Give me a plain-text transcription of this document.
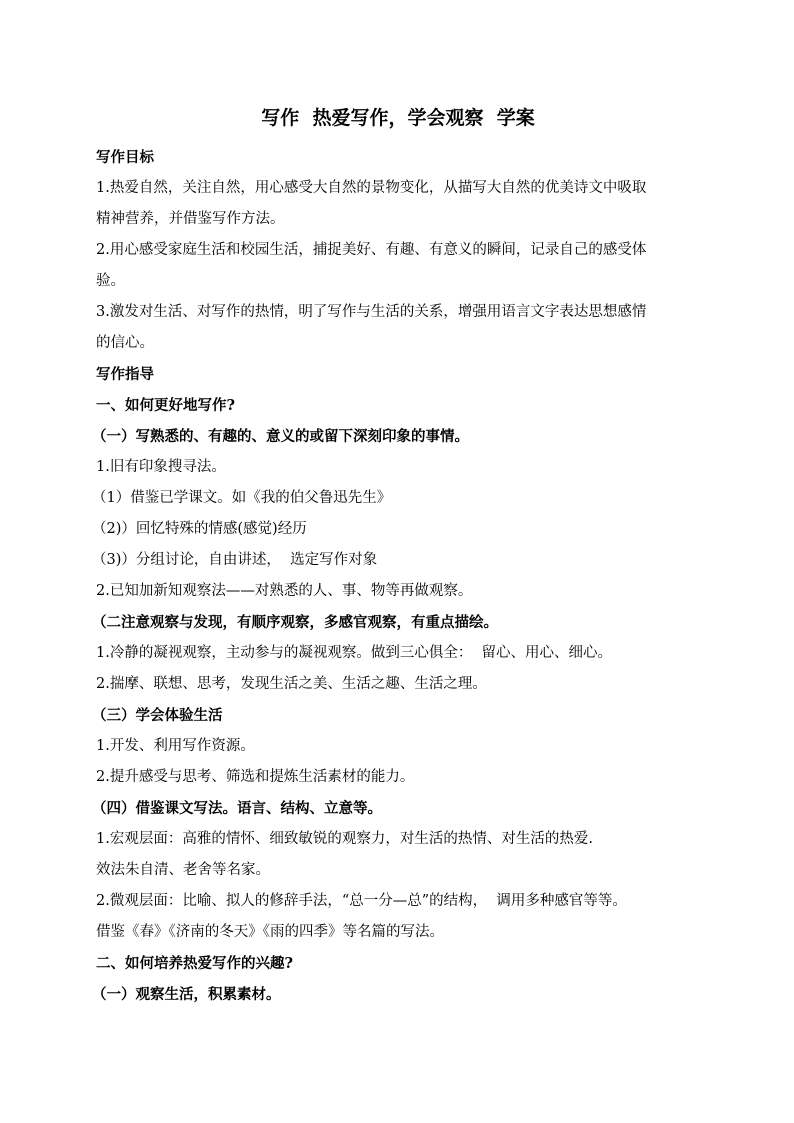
写作  热爱写作，学会观察  学案

写作目标

1.热爱自然，关注自然，用心感受大自然的景物变化，从描写大自然的优美诗文中吸取

精神营养，并借鉴写作方法。

2.用心感受家庭生活和校园生活，捕捉美好、有趣、有意义的瞬间，记录自己的感受体

验。

3.激发对生活、对写作的热情，明了写作与生活的关系，增强用语言文字表达思想感情

的信心。

写作指导

一、如何更好地写作?

（一）写熟悉的、有趣的、意义的或留下深刻印象的事情。

1.旧有印象搜寻法。

（1）借鉴已学课文。如《我的伯父鲁迅先生》

（2)）回忆特殊的情感(感觉)经历

（3)）分组讨论，自由讲述，  选定写作对象

2.已知加新知观察法——对熟悉的人、事、物等再做观察。

（二注意观察与发现，有顺序观察，多感官观察，有重点描绘。

1.冷静的凝视观察，主动参与的凝视观察。做到三心俱全：  留心、用心、细心。

2.揣摩、联想、思考，发现生活之美、生活之趣、生活之理。

（三）学会体验生活

1.开发、利用写作资源。

2.提升感受与思考、筛选和提炼生活素材的能力。

（四）借鉴课文写法。语言、结构、立意等。

1.宏观层面：高雅的情怀、细致敏锐的观察力，对生活的热情、对生活的热爱.

效法朱自清、老舍等名家。

2.微观层面：比喻、拟人的修辞手法，“总一分—总”的结构，  调用多种感官等等。

借鉴《春》《济南的冬天》《雨的四季》等名篇的写法。

二、如何培养热爱写作的兴趣?

（一）观察生活，积累素材。
